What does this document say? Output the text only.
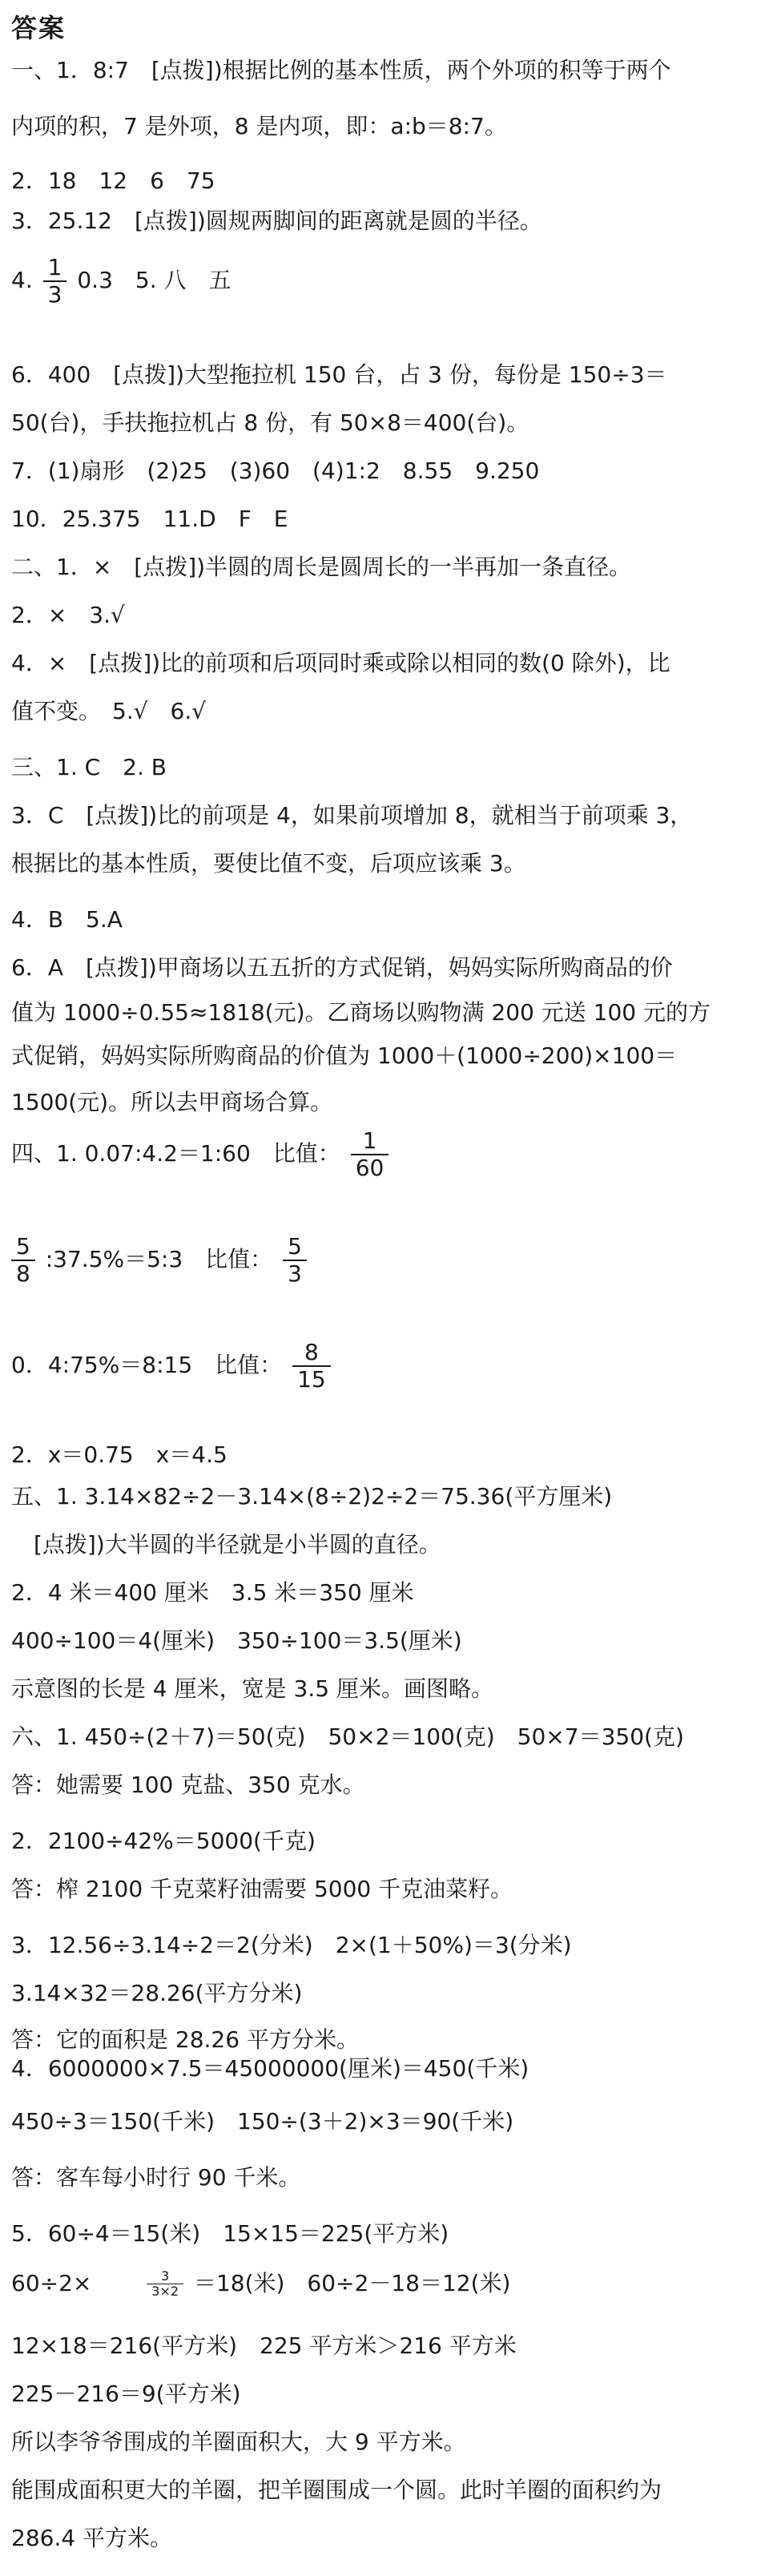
答案
一、1．8:7　[点拨])根据比例的基本性质，两个外项的积等于两个
内项的积，7 是外项，8 是内项，即：a:b＝8:7。
2．18　12　6　75
3．25.12　[点拨])圆规两脚间的距离就是圆的半径。
4. $\frac{1}{3} 0.3$　5. 八　五
6．400　[点拨])大型拖拉机 150 台，占 3 份，每份是 150÷3＝
50(台)，手扶拖拉机占 8 份，有 50×8＝400(台)。
7．(1)扇形　(2)25　(3)60　(4)1:2　8.55　9.250
10．25.375　11.D　F　E
二、1．×　[点拨])半圆的周长是圆周长的一半再加一条直径。
2．×　3.√
4．×　[点拨])比的前项和后项同时乘或除以相同的数(0 除外)，比
值不变。　5.√　6.√
三、1. C　2. B
3．C　[点拨])比的前项是 4，如果前项增加 8，就相当于前项乘 3，
根据比的基本性质，要使比值不变，后项应该乘 3。
4．B　5.A
6．A　[点拨])甲商场以五五折的方式促销，妈妈实际所购商品的价
值为 1000÷0.55≈1818(元)。乙商场以购物满 200 元送 100 元的方
式促销，妈妈实际所购商品的价值为 1000＋(1000÷200)×100＝
1500(元)。所以去甲商场合算。
四、1. 0.07:4.2＝1:60　比值： $\frac{1}{60}$
$\frac{5}{8}$ :37.5%＝5:3　比值： $\frac{5}{3}$
0．4:75%＝8:15　比值： $\frac{8}{15}$
2．x＝0.75　x＝4.5
五、1. 3.14×82÷2－3.14×(8÷2)2÷2＝75.36(平方厘米)
　[点拨])大半圆的半径就是小半圆的直径。
2．4 米＝400 厘米　3.5 米＝350 厘米
400÷100＝4(厘米)　350÷100＝3.5(厘米)
示意图的长是 4 厘米，宽是 3.5 厘米。画图略。
六、1. 450÷(2＋7)＝50(克)　50×2＝100(克)　50×7＝350(克)
答：她需要 100 克盐、350 克水。
2．2100÷42%＝5000(千克)
答：榨 2100 千克菜籽油需要 5000 千克油菜籽。
3．12.56÷3.14÷2＝2(分米)　2×(1＋50%)＝3(分米)
3.14×32＝28.26(平方分米)
答：它的面积是 28.26 平方分米。
4．6000000×7.5＝45000000(厘米)＝450(千米)
450÷3＝150(千米)　150÷(3＋2)×3＝90(千米)
答：客车每小时行 90 千米。
5．60÷4＝15(米)　15×15＝225(平方米)
60÷2×	$\frac{3}{3\times 2} =18$(米)　60÷2－18＝12(米)
12×18＝216(平方米)　225 平方米＞216 平方米
225－216＝9(平方米)
所以李爷爷围成的羊圈面积大，大 9 平方米。
能围成面积更大的羊圈，把羊圈围成一个圆。此时羊圈的面积约为
286.4 平方米。
